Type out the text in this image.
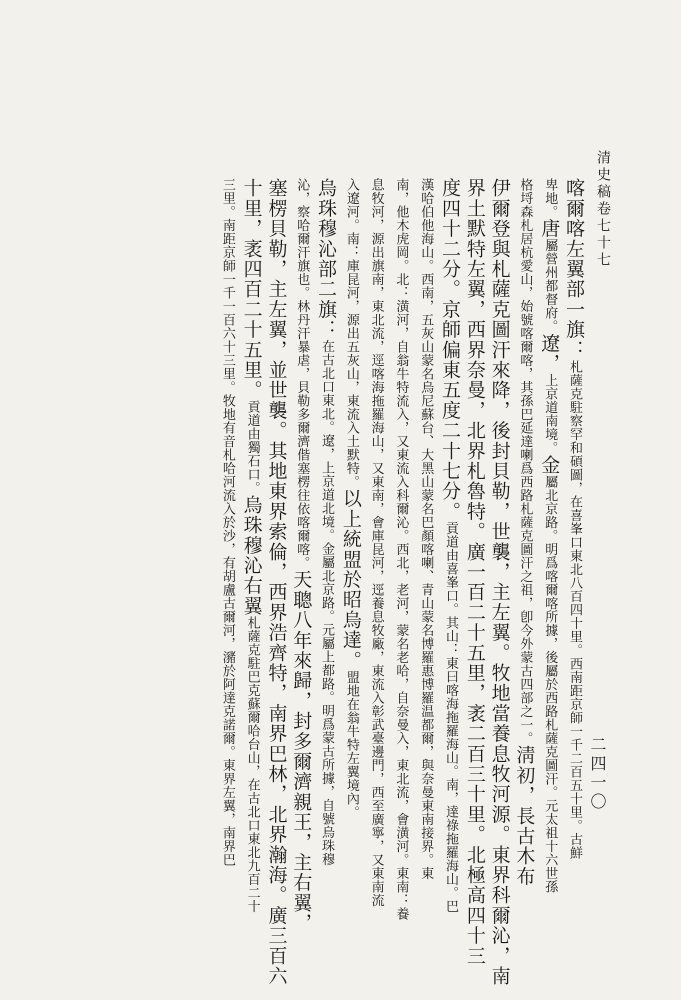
清史稿卷七十七
二四一〇
喀爾喀左翼部一旗：札薩克駐察罕和碩圖，在喜峯口東北八百四十里。西南距京師一千二百五十里。古鮮
卑地。唐屬營州都督府。遼，上京道南境。金屬北京路。明爲喀爾喀所據，後屬於西路札薩克圖汗。元太祖十六世孫
格埒森札居杭愛山，始號喀爾喀，其孫巴延達喇爲西路札薩克圖汗之祖，卽今外蒙古四部之一。淸初，長古木布
伊爾登與札薩克圖汗來降，後封貝勒，世襲，主左翼。牧地當養息牧河源。東界科爾沁，南
界土默特左翼，西界奈曼，北界札魯特。廣一百二十五里，袤二百三十里。北極高四十三
度四十二分。京師偏東五度二十七分。貢道由喜峯口。其山：東曰喀海拖羅海山。南，達祿拖羅海山。巴
漢哈伯他海山。西南，五灰山蒙名烏尼蘇台、大黑山蒙名巴顏喀喇、青山蒙名博羅惠博羅温都爾，與奈曼東南接界。東
南，他木虎岡。北：潢河，自翁牛特流入，又東流入科爾沁。西北，老河，蒙名老哈，自奈曼入，東北流，會潢河。東南：養
息牧河，源出旗南，東北流，逕喀海拖羅海山，又東南，會庫昆河，逕養息牧廠，東流入彰武臺邊門，西至廣寧，又東南流
入遼河。南：庫昆河，源出五灰山，東流入土默特。以上統盟於昭烏達。盟地在翁牛特左翼境內。
烏珠穆沁部二旗：在古北口東北。遼，上京道北境。金屬北京路。元屬上都路。明爲蒙古所據，自號烏珠穆
沁，察哈爾汗旗也。林丹汗暴虐，貝勒多爾濟偕塞楞往依喀爾喀。天聰八年來歸，封多爾濟親王，主右翼，
塞楞貝勒，主左翼，並世襲。其地東界索倫，西界浩齊特，南界巴林，北界瀚海。廣三百六
十里，袤四百二十五里。貢道由獨石口。烏珠穆沁右翼札薩克駐巴克蘇爾哈台山，在古北口東北九百二十
三里。南距京師一千一百六十三里。牧地有音札哈河流入於沙，有胡盧古爾河，瀦於阿達克諾爾。東界左翼，南界巴
